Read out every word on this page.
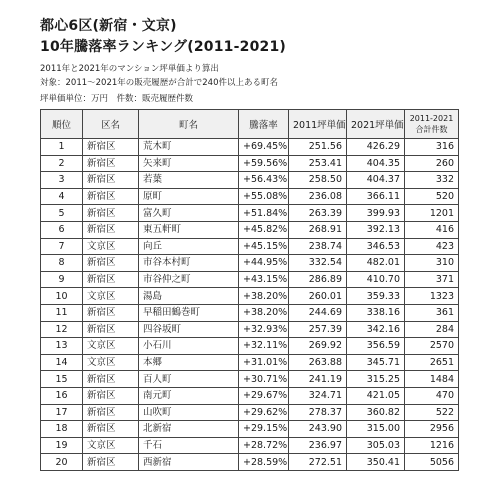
都心6区(新宿・文京)

10年騰落率ランキング(2011-2021)

2011年と2021年のマンション坪単価より算出

対象：2011〜2021年の販売履歴が合計で240件以上ある町名

坪単価単位：万円　件数：販売履歴件数

順位	区名	町名	騰落率	2011坪単価	2021坪単価	2011-2021
合計件数

1	新宿区	荒木町	+69.45%	251.56	426.29	316
2	新宿区	矢来町	+59.56%	253.41	404.35	260
3	新宿区	若葉	+56.43%	258.50	404.37	332
4	新宿区	原町	+55.08%	236.08	366.11	520
5	新宿区	富久町	+51.84%	263.39	399.93	1201
6	新宿区	東五軒町	+45.82%	268.91	392.13	416
7	文京区	向丘	+45.15%	238.74	346.53	423
8	新宿区	市谷本村町	+44.95%	332.54	482.01	310
9	新宿区	市谷仲之町	+43.15%	286.89	410.70	371
10	文京区	湯島	+38.20%	260.01	359.33	1323
11	新宿区	早稲田鶴巻町	+38.20%	244.69	338.16	361
12	新宿区	四谷坂町	+32.93%	257.39	342.16	284
13	文京区	小石川	+32.11%	269.92	356.59	2570
14	文京区	本郷	+31.01%	263.88	345.71	2651
15	新宿区	百人町	+30.71%	241.19	315.25	1484
16	新宿区	南元町	+29.67%	324.71	421.05	470
17	新宿区	山吹町	+29.62%	278.37	360.82	522
18	新宿区	北新宿	+29.15%	243.90	315.00	2956
19	文京区	千石	+28.72%	236.97	305.03	1216
20	新宿区	西新宿	+28.59%	272.51	350.41	5056
